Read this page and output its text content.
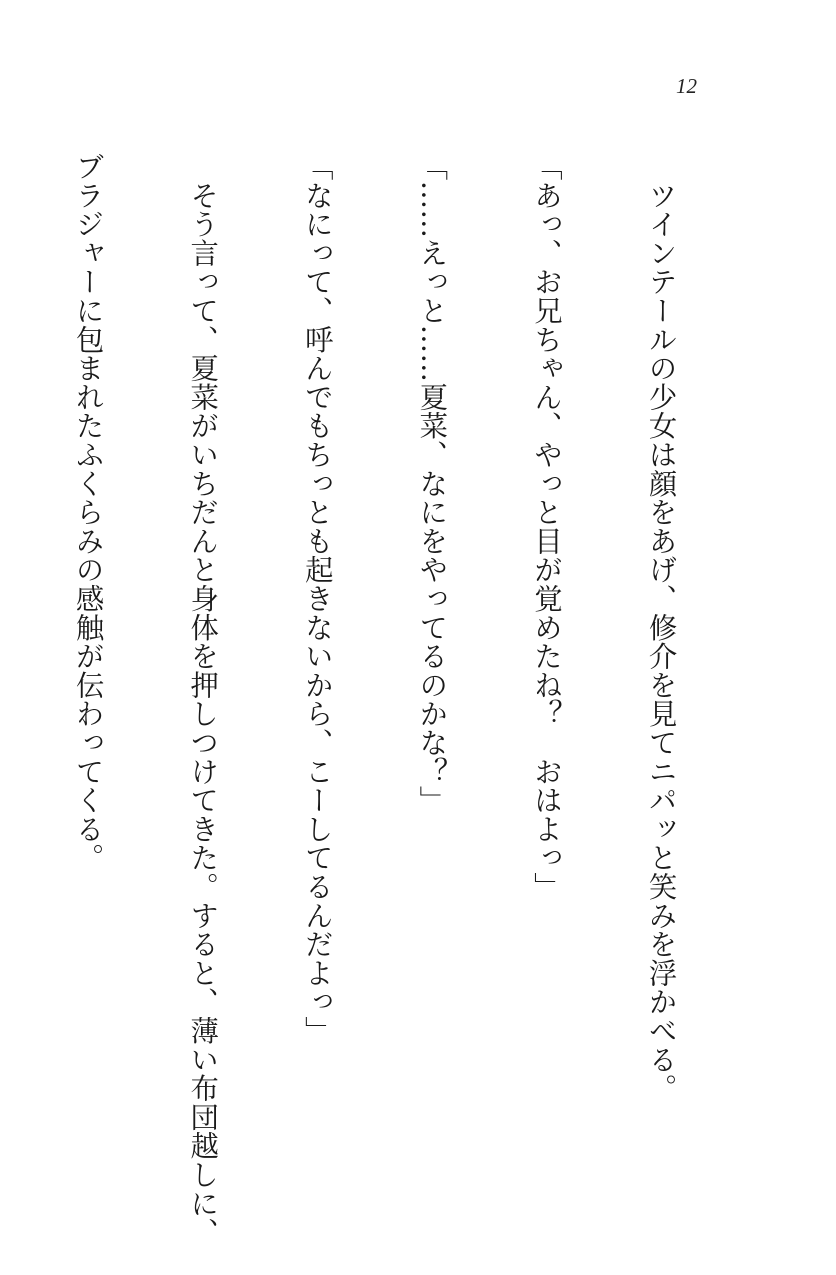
12

　ツインテールの少女は顔をあげ、修介を見てニパッと笑みを浮かべる。

「あっ、お兄ちゃん、やっと目が覚めたね？　おはよっ」

「……えっと……夏菜、なにをやってるのかな？」

「なにって、呼んでもちっとも起きないから、こーしてるんだよっ」

　そう言って、夏菜がいちだんと身体を押しつけてきた。すると、薄い布団越しに、

ブラジャーに包まれたふくらみの感触が伝わってくる。
